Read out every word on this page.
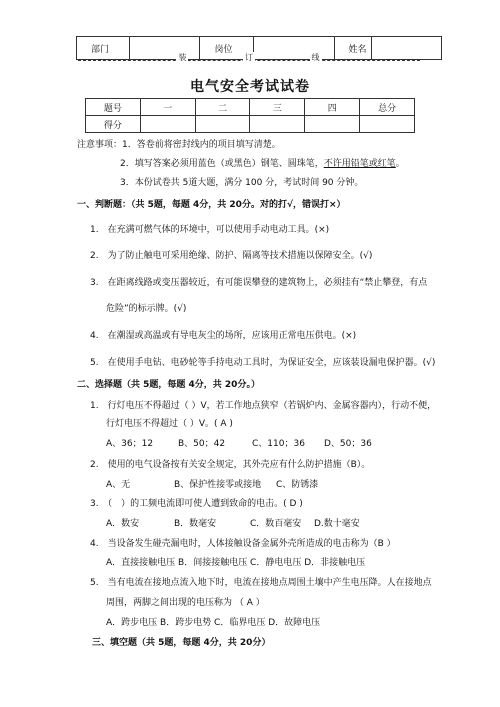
部门		岗位		姓名	
装	订	线
电气安全考试试卷
题号	一	二	三	四	总分
得分					
注意事项：1．答卷前将密封线内的项目填写清楚。
2．填写答案必须用蓝色（或黑色）钢笔、圆珠笔，不许用铅笔或红笔。
3．本份试卷共 5道大题，满分 100 分，考试时间 90 分钟。
一、判断题：（共 5题，每题 4分，共 20分。对的打√，错误打×）
1.　在充满可燃气体的环境中，可以使用手动电动工具。(×)
2.　为了防止触电可采用绝缘、防护、隔离等技术措施以保障安全。(√)
3.　在距离线路或变压器较近，有可能误攀登的建筑物上，必须挂有“禁止攀登，有点
危险”的标示牌。(√)
4.　在潮湿或高温或有导电灰尘的场所，应该用正常电压供电。(×)
5.　在使用手电钻、电砂轮等手持电动工具时，为保证安全，应该装设漏电保护器。(√)
二、选择题（共 5题，每题 4分，共 20分。）
1.　行灯电压不得超过（ ）V，若工作地点狭窄（若锅炉内、金属容器内），行动不便，
行灯电压不得超过（ ）V。( A )
A、36；12	B、50；42	C、110；36 D、50；36
2.　使用的电气设备按有关安全规定，其外壳应有什么防护措施（B）。
A、无	B、保护性接零或接地 C、防锈漆
3.　（　）的工频电流即可使人遭到致命的电击。( D )
A．数安	B．数毫安	C．数百毫安 D.数十毫安
4.　当设备发生碰壳漏电时，人体接触设备金属外壳所造成的电击称为（B ）
A．直接接触电压 B．间接接触电压 C．静电电压 D．非接触电压
5.　当有电流在接地点流入地下时，电流在接地点周围土壤中产生电压降。人在接地点
周围，两脚之间出现的电压称为 （ A ）
A．跨步电压 B．跨步电势 C．临界电压 D．故障电压
三、填空题（共 5题，每题 4分，共 20分）
